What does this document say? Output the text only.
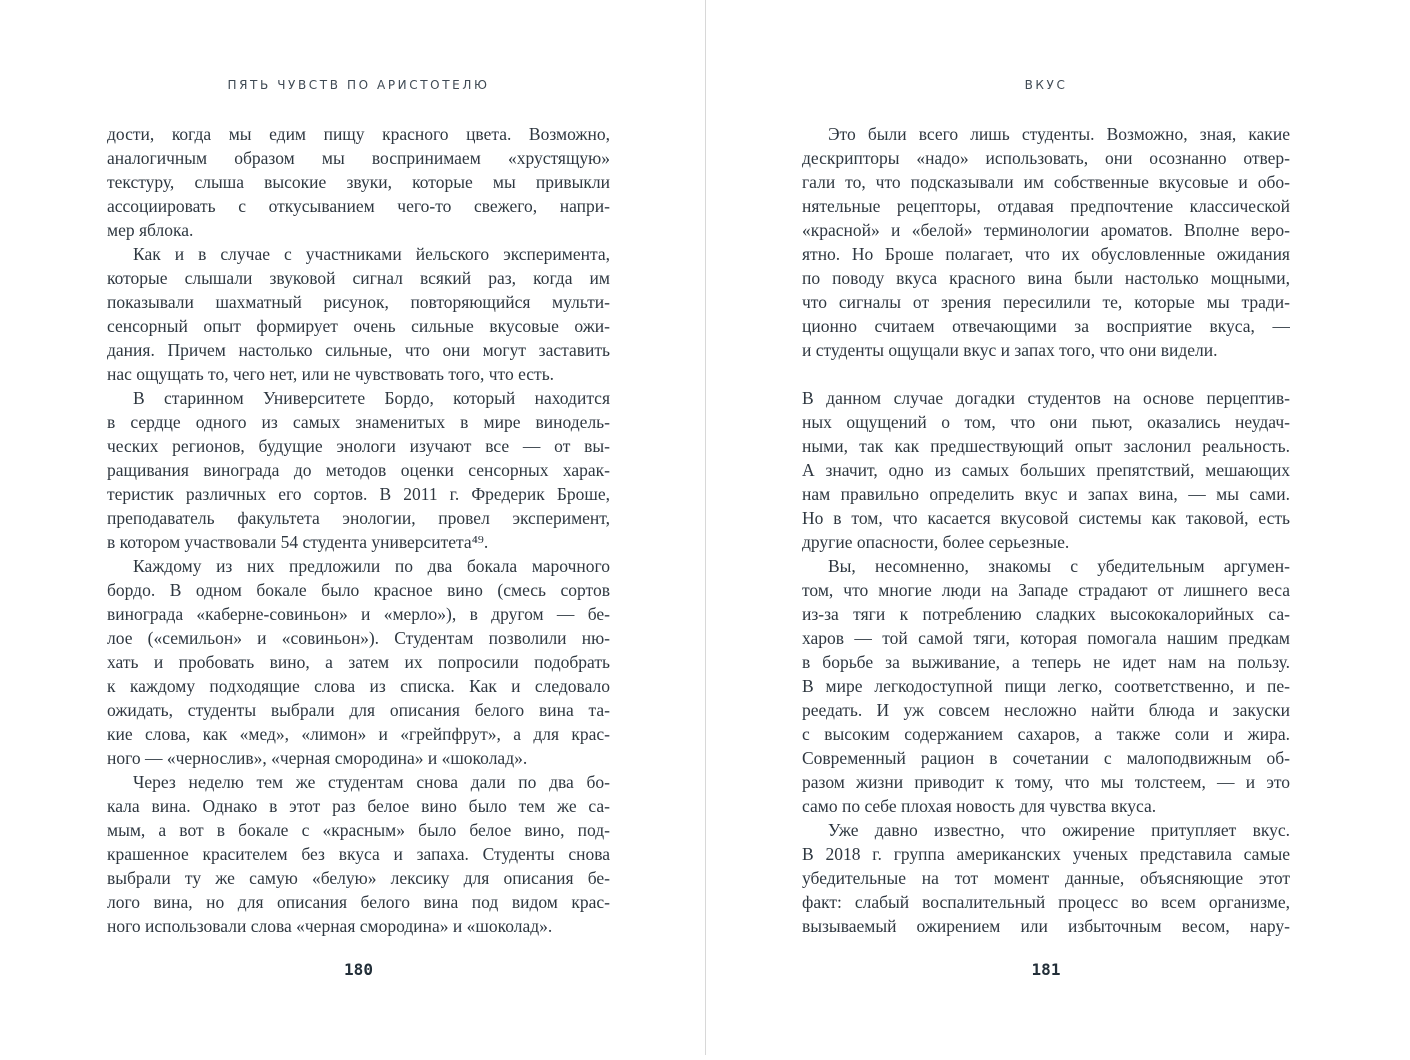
ПЯТЬ ЧУВСТВ ПО АРИСТОТЕЛЮ
дости, когда мы едим пищу красного цвета. Возможно,
аналогичным образом мы воспринимаем «хрустящую»
текстуру, слыша высокие звуки, которые мы привыкли
ассоциировать с откусыванием чего-то свежего, напри-
мер яблока.
Как и в случае с участниками йельского эксперимента,
которые слышали звуковой сигнал всякий раз, когда им
показывали шахматный рисунок, повторяющийся мульти-
сенсорный опыт формирует очень сильные вкусовые ожи-
дания. Причем настолько сильные, что они могут заставить
нас ощущать то, чего нет, или не чувствовать того, что есть.
В старинном Университете Бордо, который находится
в сердце одного из самых знаменитых в мире винодель-
ческих регионов, будущие энологи изучают все — от вы-
ращивания винограда до методов оценки сенсорных харак-
теристик различных его сортов. В 2011 г. Фредерик Броше,
преподаватель факультета энологии, провел эксперимент,
в котором участвовали 54 студента университета⁴⁹.
Каждому из них предложили по два бокала марочного
бордо. В одном бокале было красное вино (смесь сортов
винограда «каберне-совиньон» и «мерло»), в другом — бе-
лое («семильон» и «совиньон»). Студентам позволили ню-
хать и пробовать вино, а затем их попросили подобрать
к каждому подходящие слова из списка. Как и следовало
ожидать, студенты выбрали для описания белого вина та-
кие слова, как «мед», «лимон» и «грейпфрут», а для крас-
ного — «чернослив», «черная смородина» и «шоколад».
Через неделю тем же студентам снова дали по два бо-
кала вина. Однако в этот раз белое вино было тем же са-
мым, а вот в бокале с «красным» было белое вино, под-
крашенное красителем без вкуса и запаха. Студенты снова
выбрали ту же самую «белую» лексику для описания бе-
лого вина, но для описания белого вина под видом крас-
ного использовали слова «черная смородина» и «шоколад».
180
ВКУС
Это были всего лишь студенты. Возможно, зная, какие
дескрипторы «надо» использовать, они осознанно отвер-
гали то, что подсказывали им собственные вкусовые и обо-
нятельные рецепторы, отдавая предпочтение классической
«красной» и «белой» терминологии ароматов. Вполне веро-
ятно. Но Броше полагает, что их обусловленные ожидания
по поводу вкуса красного вина были настолько мощными,
что сигналы от зрения пересилили те, которые мы тради-
ционно считаем отвечающими за восприятие вкуса, —
и студенты ощущали вкус и запах того, что они видели.
В данном случае догадки студентов на основе перцептив-
ных ощущений о том, что они пьют, оказались неудач-
ными, так как предшествующий опыт заслонил реальность.
А значит, одно из самых больших препятствий, мешающих
нам правильно определить вкус и запах вина, — мы сами.
Но в том, что касается вкусовой системы как таковой, есть
другие опасности, более серьезные.
Вы, несомненно, знакомы с убедительным аргумен-
том, что многие люди на Западе страдают от лишнего веса
из-за тяги к потреблению сладких высококалорийных са-
харов — той самой тяги, которая помогала нашим предкам
в борьбе за выживание, а теперь не идет нам на пользу.
В мире легкодоступной пищи легко, соответственно, и пе-
реедать. И уж совсем несложно найти блюда и закуски
с высоким содержанием сахаров, а также соли и жира.
Современный рацион в сочетании с малоподвижным об-
разом жизни приводит к тому, что мы толстеем, — и это
само по себе плохая новость для чувства вкуса.
Уже давно известно, что ожирение притупляет вкус.
В 2018 г. группа американских ученых представила самые
убедительные на тот момент данные, объясняющие этот
факт: слабый воспалительный процесс во всем организме,
вызываемый ожирением или избыточным весом, нару-
181
